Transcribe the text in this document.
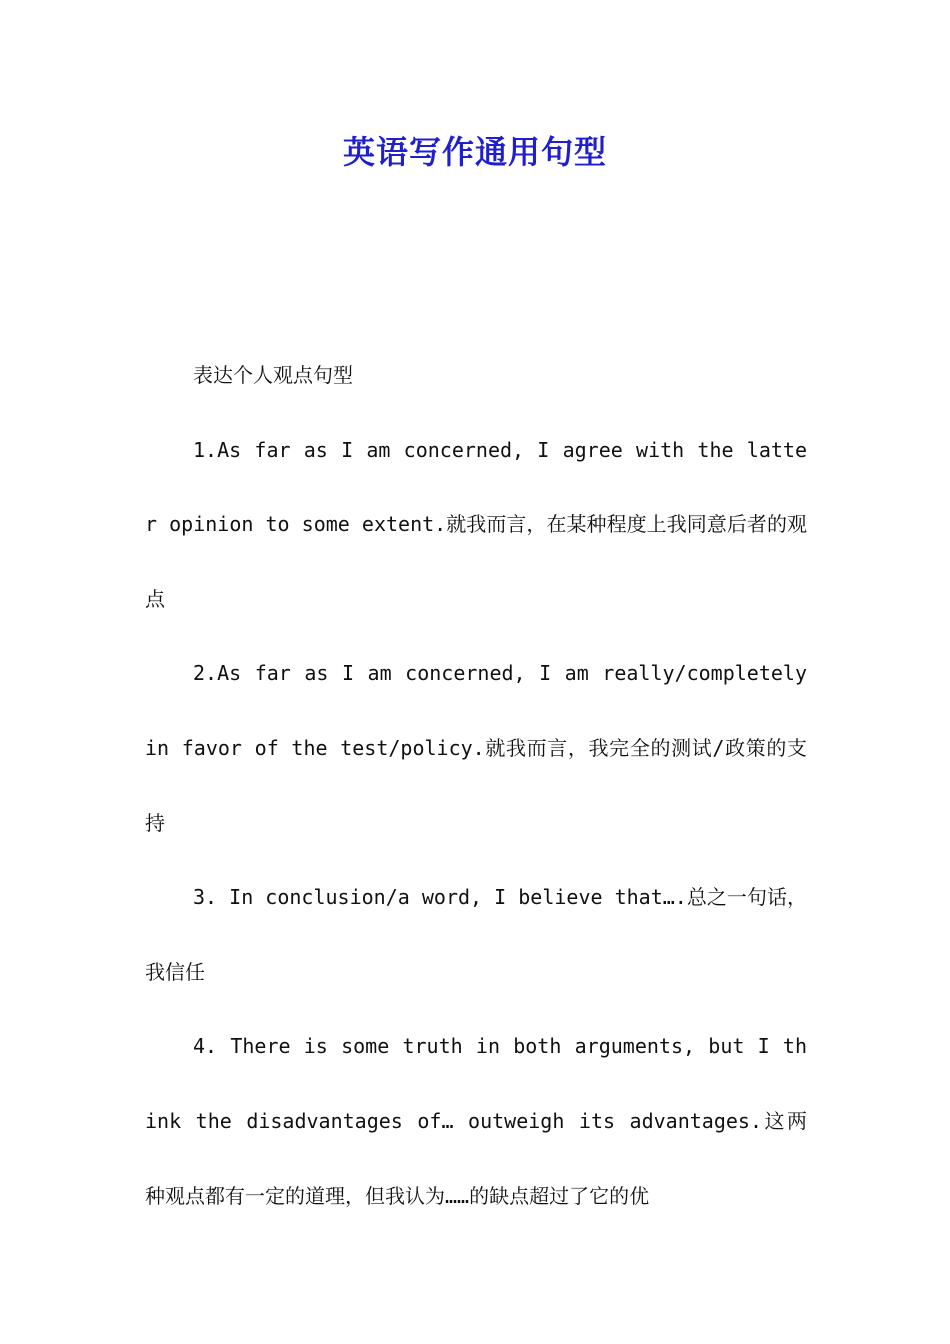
英语写作通用句型

表达个人观点句型

1.As far as I am concerned, I agree with the latter opinion to some extent.就我而言，在某种程度上我同意后者的观点

2.As far as I am concerned, I am really/completely in favor of the test/policy.就我而言，我完全的测试/政策的支持

3. In conclusion/a word, I believe that….总之一句话，我信任

4. There is some truth in both arguments, but I think the disadvantages of… outweigh its advantages.这两种观点都有一定的道理，但我认为……的缺点超过了它的优
